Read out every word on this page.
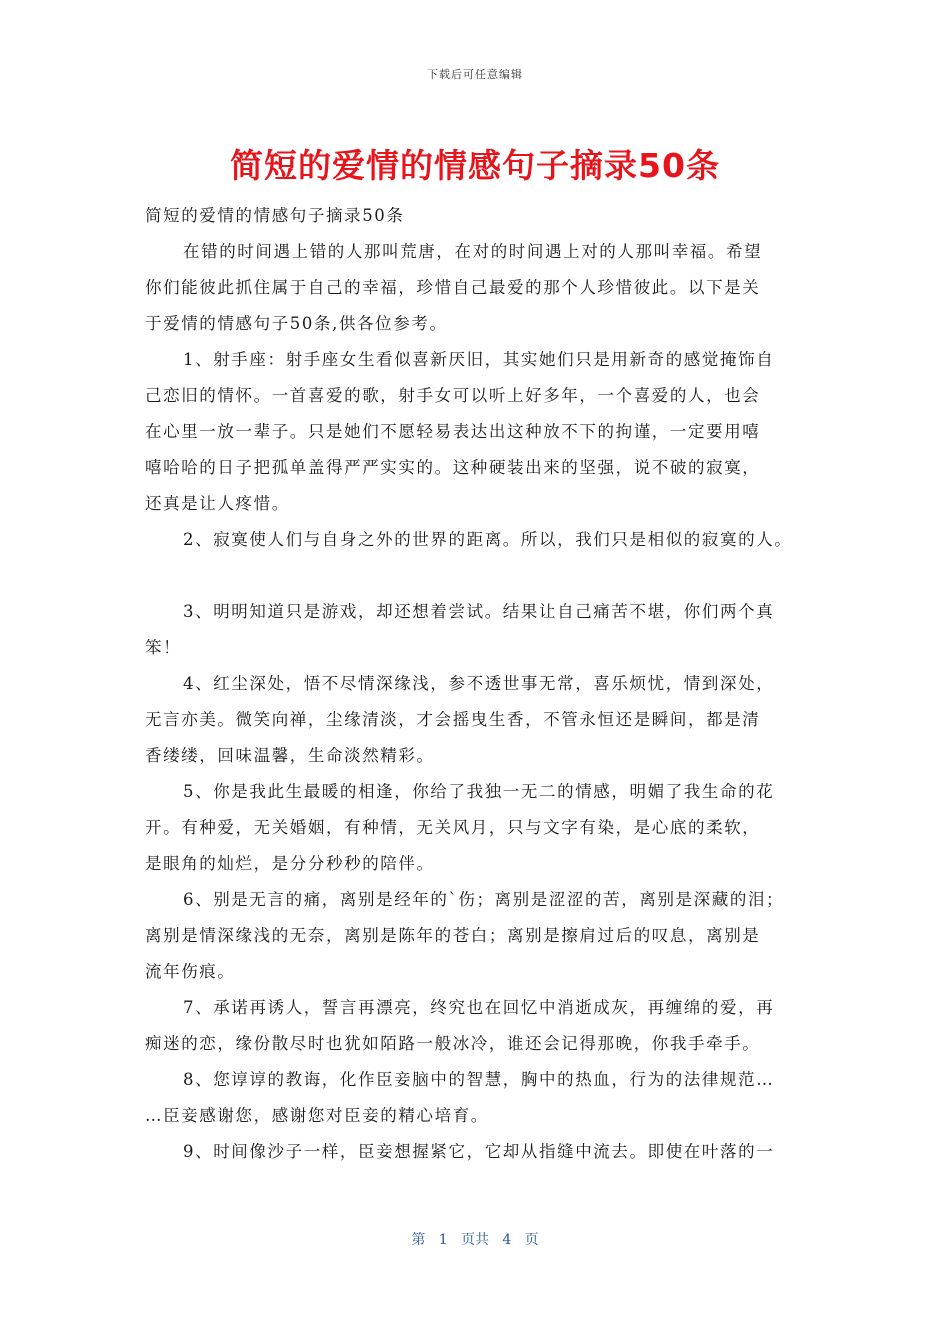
下载后可任意编辑
简短的爱情的情感句子摘录50条
简短的爱情的情感句子摘录50条
在错的时间遇上错的人那叫荒唐，在对的时间遇上对的人那叫幸福。希望
你们能彼此抓住属于自己的幸福，珍惜自己最爱的那个人珍惜彼此。以下是关
于爱情的情感句子50条,供各位参考。
1、射手座：射手座女生看似喜新厌旧，其实她们只是用新奇的感觉掩饰自
己恋旧的情怀。一首喜爱的歌，射手女可以听上好多年，一个喜爱的人，也会
在心里一放一辈子。只是她们不愿轻易表达出这种放不下的拘谨，一定要用嘻
嘻哈哈的日子把孤单盖得严严实实的。这种硬装出来的坚强，说不破的寂寞，
还真是让人疼惜。
2、寂寞使人们与自身之外的世界的距离。所以，我们只是相似的寂寞的人。
3、明明知道只是游戏，却还想着尝试。结果让自己痛苦不堪，你们两个真
笨！
4、红尘深处，悟不尽情深缘浅，参不透世事无常，喜乐烦忧，情到深处，
无言亦美。微笑向禅，尘缘清淡，才会摇曳生香，不管永恒还是瞬间，都是清
香缕缕，回味温馨，生命淡然精彩。
5、你是我此生最暖的相逢，你给了我独一无二的情感，明媚了我生命的花
开。有种爱，无关婚姻，有种情，无关风月，只与文字有染，是心底的柔软，
是眼角的灿烂，是分分秒秒的陪伴。
6、别是无言的痛，离别是经年的`伤；离别是涩涩的苦，离别是深藏的泪；
离别是情深缘浅的无奈，离别是陈年的苍白；离别是擦肩过后的叹息，离别是
流年伤痕。
7、承诺再诱人，誓言再漂亮，终究也在回忆中消逝成灰，再缠绵的爱，再
痴迷的恋，缘份散尽时也犹如陌路一般冰冷，谁还会记得那晚，你我手牵手。
8、您谆谆的教诲，化作臣妾脑中的智慧，胸中的热血，行为的法律规范…
…臣妾感谢您，感谢您对臣妾的精心培育。
9、时间像沙子一样，臣妾想握紧它，它却从指缝中流去。即使在叶落的一
第   1   页共   4   页
